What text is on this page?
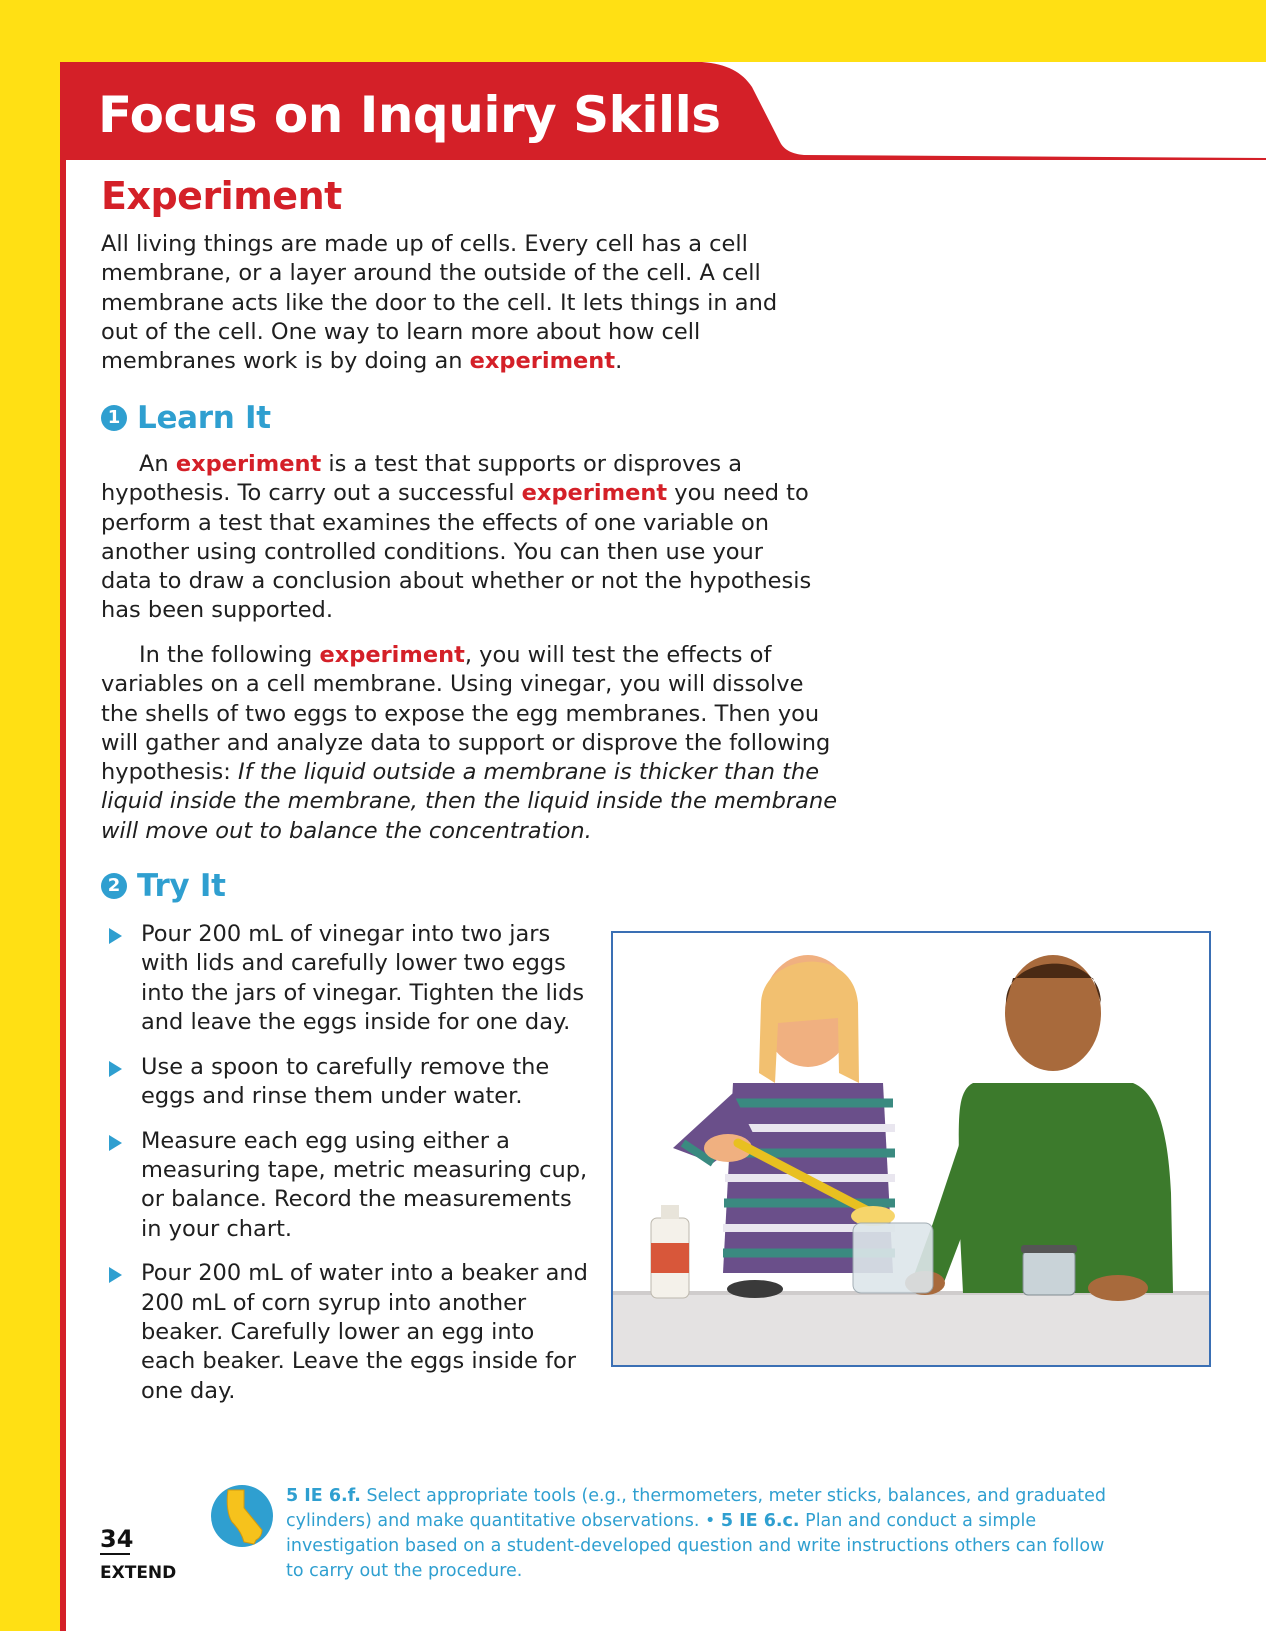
Focus on Inquiry Skills
Experiment
All living things are made up of cells. Every cell has a cell membrane, or a layer around the outside of the cell. A cell membrane acts like the door to the cell. It lets things in and out of the cell. One way to learn more about how cell membranes work is by doing an experiment.
1 Learn It
An experiment is a test that supports or disproves a hypothesis. To carry out a successful experiment you need to perform a test that examines the effects of one variable on another using controlled conditions. You can then use your data to draw a conclusion about whether or not the hypothesis has been supported.
In the following experiment, you will test the effects of variables on a cell membrane. Using vinegar, you will dissolve the shells of two eggs to expose the egg membranes. Then you will gather and analyze data to support or disprove the following hypothesis: If the liquid outside a membrane is thicker than the liquid inside the membrane, then the liquid inside the membrane will move out to balance the concentration.
2 Try It
Pour 200 mL of vinegar into two jars with lids and carefully lower two eggs into the jars of vinegar. Tighten the lids and leave the eggs inside for one day.
Use a spoon to carefully remove the eggs and rinse them under water.
Measure each egg using either a measuring tape, metric measuring cup, or balance. Record the measurements in your chart.
Pour 200 mL of water into a beaker and 200 mL of corn syrup into another beaker. Carefully lower an egg into each beaker. Leave the eggs inside for one day.
34
EXTEND
5 IE 6.f. Select appropriate tools (e.g., thermometers, meter sticks, balances, and graduated cylinders) and make quantitative observations. • 5 IE 6.c. Plan and conduct a simple investigation based on a student-developed question and write instructions others can follow to carry out the procedure.
